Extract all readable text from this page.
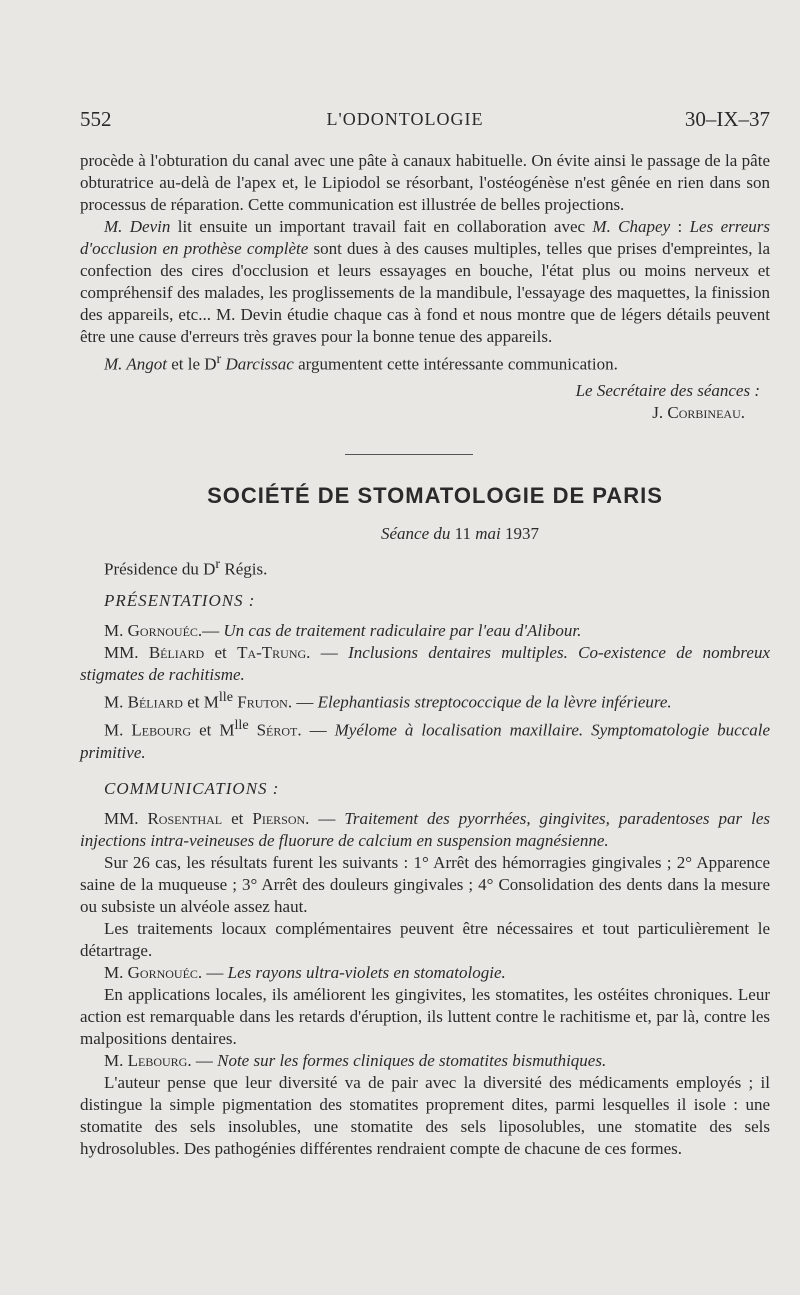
552	L'ODONTOLOGIE	30–IX–37

procède à l'obturation du canal avec une pâte à canaux habituelle. On évite ainsi le passage de la pâte obturatrice au-delà de l'apex et, le Lipiodol se résorbant, l'ostéogénèse n'est gênée en rien dans son processus de réparation. Cette communication est illustrée de belles projections.

M. Devin lit ensuite un important travail fait en collaboration avec M. Chapey : Les erreurs d'occlusion en prothèse complète sont dues à des causes multiples, telles que prises d'empreintes, la confection des cires d'occlusion et leurs essayages en bouche, l'état plus ou moins nerveux et compréhensif des malades, les proglissements de la mandibule, l'essayage des maquettes, la finission des appareils, etc... M. Devin étudie chaque cas à fond et nous montre que de légers détails peuvent être une cause d'erreurs très graves pour la bonne tenue des appareils.

M. Angot et le $D^r$ Darcissac argumentent cette intéressante communication.

Le Secrétaire des séances :

J. Corbineau.

SOCIÉTÉ DE STOMATOLOGIE DE PARIS
Séance du 11 mai 1937

Présidence du $D^r$ Régis.

PRÉSENTATIONS :

M. Gornouéc.— Un cas de traitement radiculaire par l'eau d'Alibour.

MM. Béliard et Ta-Trung. — Inclusions dentaires multiples. Co-existence de nombreux stigmates de rachitisme.

M. Béliard et $M^{lle}$ Fruton. — Elephantiasis streptococcique de la lèvre inférieure.

M. Lebourg et $M^{lle}$ Sérot. — Myélome à localisation maxillaire. Symptomatologie buccale primitive.

COMMUNICATIONS :

MM. Rosenthal et Pierson. — Traitement des pyorrhées, gingivites, paradentoses par les injections intra-veineuses de fluorure de calcium en suspension magnésienne.

Sur 26 cas, les résultats furent les suivants : 1° Arrêt des hémorragies gingivales ; 2° Apparence saine de la muqueuse ; 3° Arrêt des douleurs gingivales ; 4° Consolidation des dents dans la mesure ou subsiste un alvéole assez haut.

Les traitements locaux complémentaires peuvent être nécessaires et tout particulièrement le détartrage.

M. Gornouéc. — Les rayons ultra-violets en stomatologie.

En applications locales, ils améliorent les gingivites, les stomatites, les ostéites chroniques. Leur action est remarquable dans les retards d'éruption, ils luttent contre le rachitisme et, par là, contre les malpositions dentaires.

M. Lebourg. — Note sur les formes cliniques de stomatites bismuthiques.

L'auteur pense que leur diversité va de pair avec la diversité des médicaments employés ; il distingue la simple pigmentation des stomatites proprement dites, parmi lesquelles il isole : une stomatite des sels insolubles, une stomatite des sels liposolubles, une stomatite des sels hydrosolubles. Des pathogénies différentes rendraient compte de chacune de ces formes.
